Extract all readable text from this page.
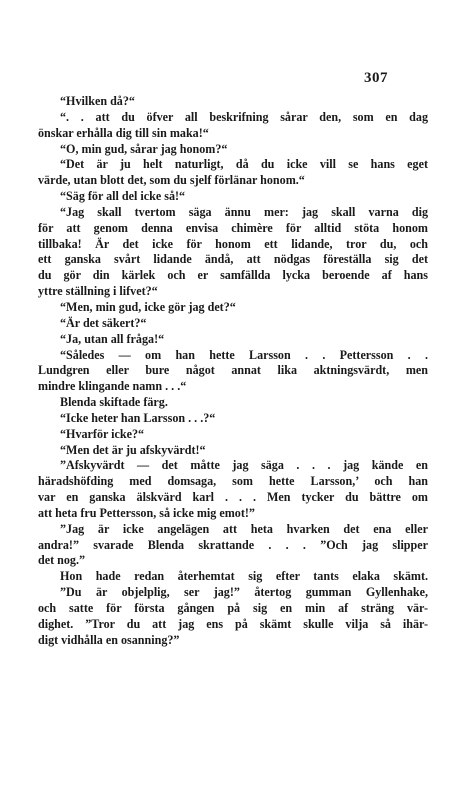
307
“Hvilken då?“
“. . att du öfver all beskrifning sårar den, som en dag
önskar erhålla dig till sin maka!“
“O, min gud, sårar jag honom?“
“Det är ju helt naturligt, då du icke vill se hans eget
värde, utan blott det, som du sjelf förlänar honom.“
“Säg för all del icke så!“
“Jag skall tvertom säga ännu mer: jag skall varna dig
för att genom denna envisa chimère för alltid stöta honom
tillbaka! Är det icke för honom ett lidande, tror du, och
ett ganska svårt lidande ändå, att nödgas föreställa sig det
du gör din kärlek och er samfällda lycka beroende af hans
yttre ställning i lifvet?“
“Men, min gud, icke gör jag det?“
“Är det säkert?“
“Ja, utan all fråga!“
“Således — om han hette Larsson . . Pettersson . .
Lundgren eller bure något annat lika aktningsvärdt, men
mindre klingande namn . . .“
Blenda skiftade färg.
“Icke heter han Larsson . . .?“
“Hvarför icke?“
“Men det är ju afskyvärdt!“
”Afskyvärdt — det måtte jag säga . . . jag kände en
häradshöfding med domsaga, som hette Larsson,’ och han
var en ganska älskvärd karl . . . Men tycker du bättre om
att heta fru Pettersson, så icke mig emot!”
”Jag är icke angelägen att heta hvarken det ena eller
andra!” svarade Blenda skrattande . . . ”Och jag slipper
det nog.”
Hon hade redan återhemtat sig efter tants elaka skämt.
”Du är objelplig, ser jag!” återtog gumman Gyllenhake,
och satte för första gången på sig en min af sträng vär-
dighet. ”Tror du att jag ens på skämt skulle vilja så ihär-
digt vidhålla en osanning?”
